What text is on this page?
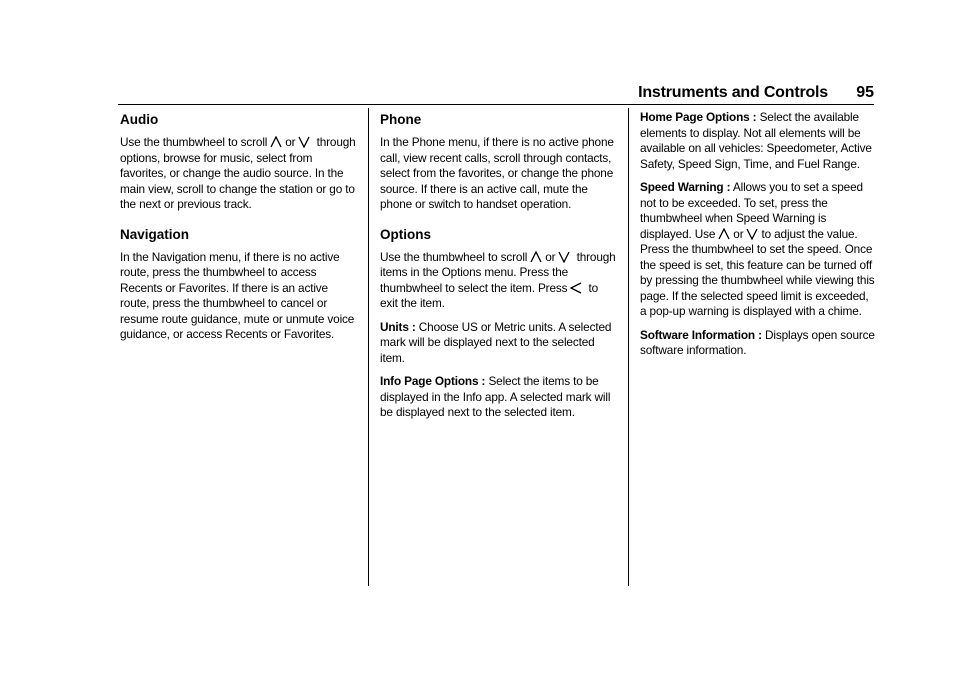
Instruments and Controls 95
Audio

Use the thumbwheel to scroll or through options, browse for music, select from favorites, or change the audio source. In the main view, scroll to change the station or go to the next or previous track.

Navigation

In the Navigation menu, if there is no active route, press the thumbwheel to access Recents or Favorites. If there is an active route, press the thumbwheel to cancel or resume route guidance, mute or unmute voice guidance, or access Recents or Favorites.

Phone

In the Phone menu, if there is no active phone call, view recent calls, scroll through contacts, select from the favorites, or change the phone source. If there is an active call, mute the phone or switch to handset operation.

Options

Use the thumbwheel to scroll or through items in the Options menu. Press the thumbwheel to select the item. Press to exit the item.

Units : Choose US or Metric units. A selected mark will be displayed next to the selected item.

Info Page Options : Select the items to be displayed in the Info app. A selected mark will be displayed next to the selected item.

Home Page Options : Select the available elements to display. Not all elements will be available on all vehicles: Speedometer, Active Safety, Speed Sign, Time, and Fuel Range.

Speed Warning : Allows you to set a speed not to be exceeded. To set, press the thumbwheel when Speed Warning is displayed. Use or to adjust the value. Press the thumbwheel to set the speed. Once the speed is set, this feature can be turned off by pressing the thumbwheel while viewing this page. If the selected speed limit is exceeded, a pop-up warning is displayed with a chime.

Software Information : Displays open source software information.
